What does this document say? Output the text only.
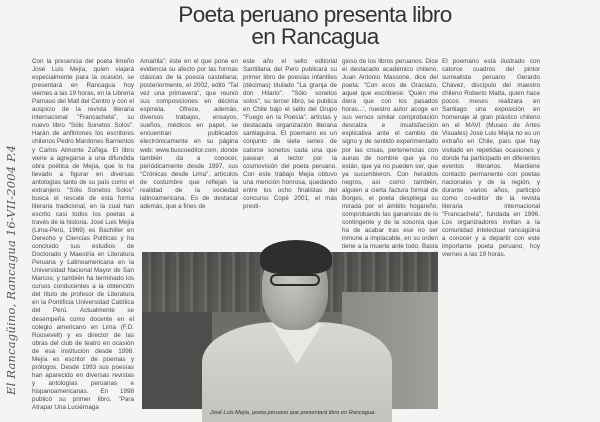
Poeta peruano presenta libro
en Rancagua
El Rancagüino, Rancagua 16-VII-2004 P.4

Con la presencia del poeta limeño José Luis Mejía, quien viajará especialmente para la ocasión, se presentará en Rancagua hoy viernes a las 19 horas, en la Librería Parnaso del Mall del Centro y con el auspicio de la revista literaria internacional "Francachela", su nuevo libro "Sólo Sonetos Solos". Harán de anfitriones los escritores chilenos Pedro Mardones Barrientos y Carlos Almonte Zúñiga. El libro viene a agregarse a una difundida obra poética de Mejía, que lo ha llevado a figurar en diversas antologías tanto de su país como el extranjero. "Sólo Sonetos Solos" busca el rescate de esta forma literaria tradicional, en la cual han escrito casi todos los poetas a través de la historia. José Luis Mejía (Lima-Perú, 1969) es Bachiller en Derecho y Ciencias Políticas y ha concluido sus estudios de Doctorado y Maestría en Literatura Peruana y Latinoamericana en la Universidad Nacional Mayor de San Marcos; y también ha terminado los cursos conducentes a la obtención del título de profesor de Literatura en la Pontificia Universidad Católica del Perú. Actualmente se desempeña como docente en el colegio americano en Lima (F.D. Roosevelt) y es director de las obras del club de teatro en ocasión de esa institución desde 1998. Mejía es escritor de poemas y prólogos. Desde 1993 sus poesías han aparecido en diversas revistas y antologías peruanas e hispanoamericanas. En 1998 publicó su primer libro, "Para Atrapar Una Luciérnaga

Amarilla"; éste en el que pone en evidencia su afecto por las formas clásicas de la poesía castellana; posteriormente, el 2002, editó "Tal vez una primavera", que reunió sus composiciones en décima espinela. Ofrece, además, diversos trabajos, ensayos, sueños, médicos en papel, se encuentran publicados electrónicamente en su página web: www.buscoeditor.com, donde también da a conocer, periódicamente desde 1997, sus "Crónicas desde Lima", artículos de costumbre que reflejan la realidad de la sociedad latinoamericana. Es de destacar además, que a fines de

este año el sello editorial Santillana del Perú publicará su primer libro de poesías infantiles (décimas) titulado "La granja de don Hilario". "Sólo sonetos solos", su tercer libro, se publica en Chile bajo el sello del Grupo "Fuego en la Poesía", artistas y destacada organización literaria santiaguina. El poemario es un conjunto de siete series de catorce sonetos cada una que pasean al lector por la cosmovisión del poeta peruano. Con este trabajo Mejía obtuvo una mención honrosa, quedando entre los ocho finalistas del concurso Copé 2001, el más presti-

gioso de los libros peruanos. Dice el destacado académico chileno, Juan Antonio Massone, dice del poeta: "Con ecos de Graciazo, aquel que escribiese: 'Quién me diera que con los pasados horas...', nuestro autor acoge en sus versos similar comprobación descalza e insatisfacción explicativa ante el cambio de signo y de sentido experimentado por las cosas, pertenencias con aunas de nombre que ya no están, que ya no pueden ser, que ya sucumbieron. Con heraldos negros, así como también, alguien a cierta factura formal de Borges, el poeta despliega su mirada por el ámbito hogareño, comprobando las ganancias de lo contingente y de la sosonía que ha de acabar tras ese no ser inmune a implacable, en su orden tiene a la muerte ante todo. Basta

El poemario está ilustrado con catorce cuadros del pintor surrealista peruano Gerardo Chávez, discípulo del maestro chileno Roberto Matta, quien hace pocos meses realizara en Santiago una exposición en homenaje al gran plástico chileno en el MAVI (Museo de Artes Visuales) José Luis Mejía no es un extraño en Chile, país que hay visitado en repetidas ocasiones y donde ha participado en diferentes eventos literarios. Mantiene contacto permanente con poetas nacionales y de la región, y durante varios años, participó como co-editor de la revista literaria internacional "Francachela", fundada en 1996. Los organizadores invitan a la comunidad intelectual rancagüina a conocer y a departir con este importante poeta peruano, hoy viernes a las 19 horas.

José Luis Mejía, poeta peruano que presentará libro en Rancagua.
